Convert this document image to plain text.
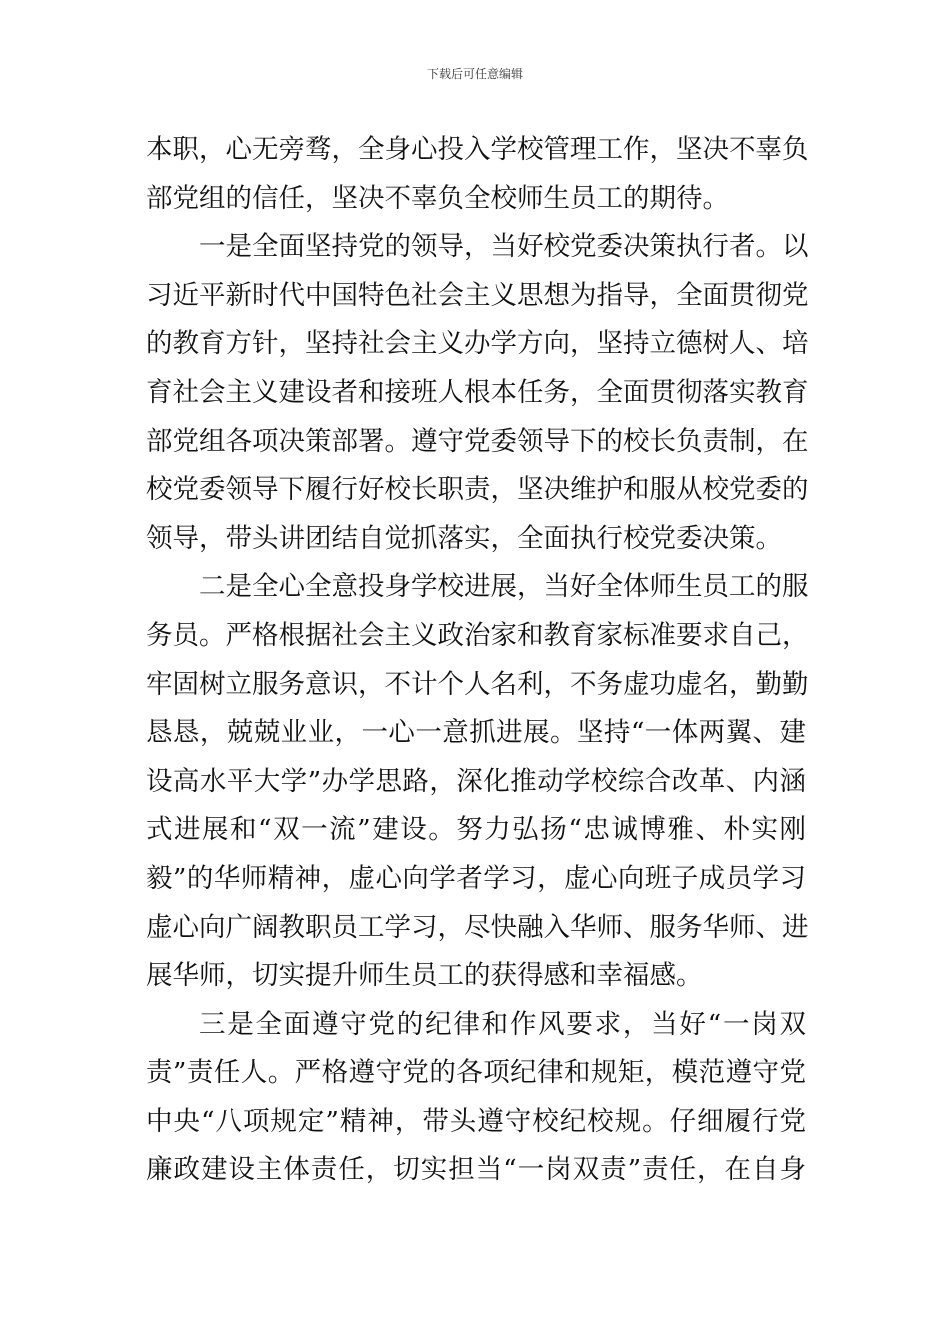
下载后可任意编辑
本职，心无旁骛，全身心投入学校管理工作，坚决不辜负
部党组的信任，坚决不辜负全校师生员工的期待。
一是全面坚持党的领导，当好校党委决策执行者。以
习近平新时代中国特色社会主义思想为指导，全面贯彻党
的教育方针，坚持社会主义办学方向，坚持立德树人、培
育社会主义建设者和接班人根本任务，全面贯彻落实教育
部党组各项决策部署。遵守党委领导下的校长负责制，在
校党委领导下履行好校长职责，坚决维护和服从校党委的
领导，带头讲团结自觉抓落实，全面执行校党委决策。
二是全心全意投身学校进展，当好全体师生员工的服
务员。严格根据社会主义政治家和教育家标准要求自己，
牢固树立服务意识，不计个人名利，不务虚功虚名，勤勤
恳恳，兢兢业业，一心一意抓进展。坚持“一体两翼、建
设高水平大学”办学思路，深化推动学校综合改革、内涵
式进展和“双一流”建设。努力弘扬“忠诚博雅、朴实刚
毅”的华师精神，虚心向学者学习，虚心向班子成员学习
虚心向广阔教职员工学习，尽快融入华师、服务华师、进
展华师，切实提升师生员工的获得感和幸福感。
三是全面遵守党的纪律和作风要求，当好“一岗双
责”责任人。严格遵守党的各项纪律和规矩，模范遵守党
中央“八项规定”精神，带头遵守校纪校规。仔细履行党
廉政建设主体责任，切实担当“一岗双责”责任，在自身
